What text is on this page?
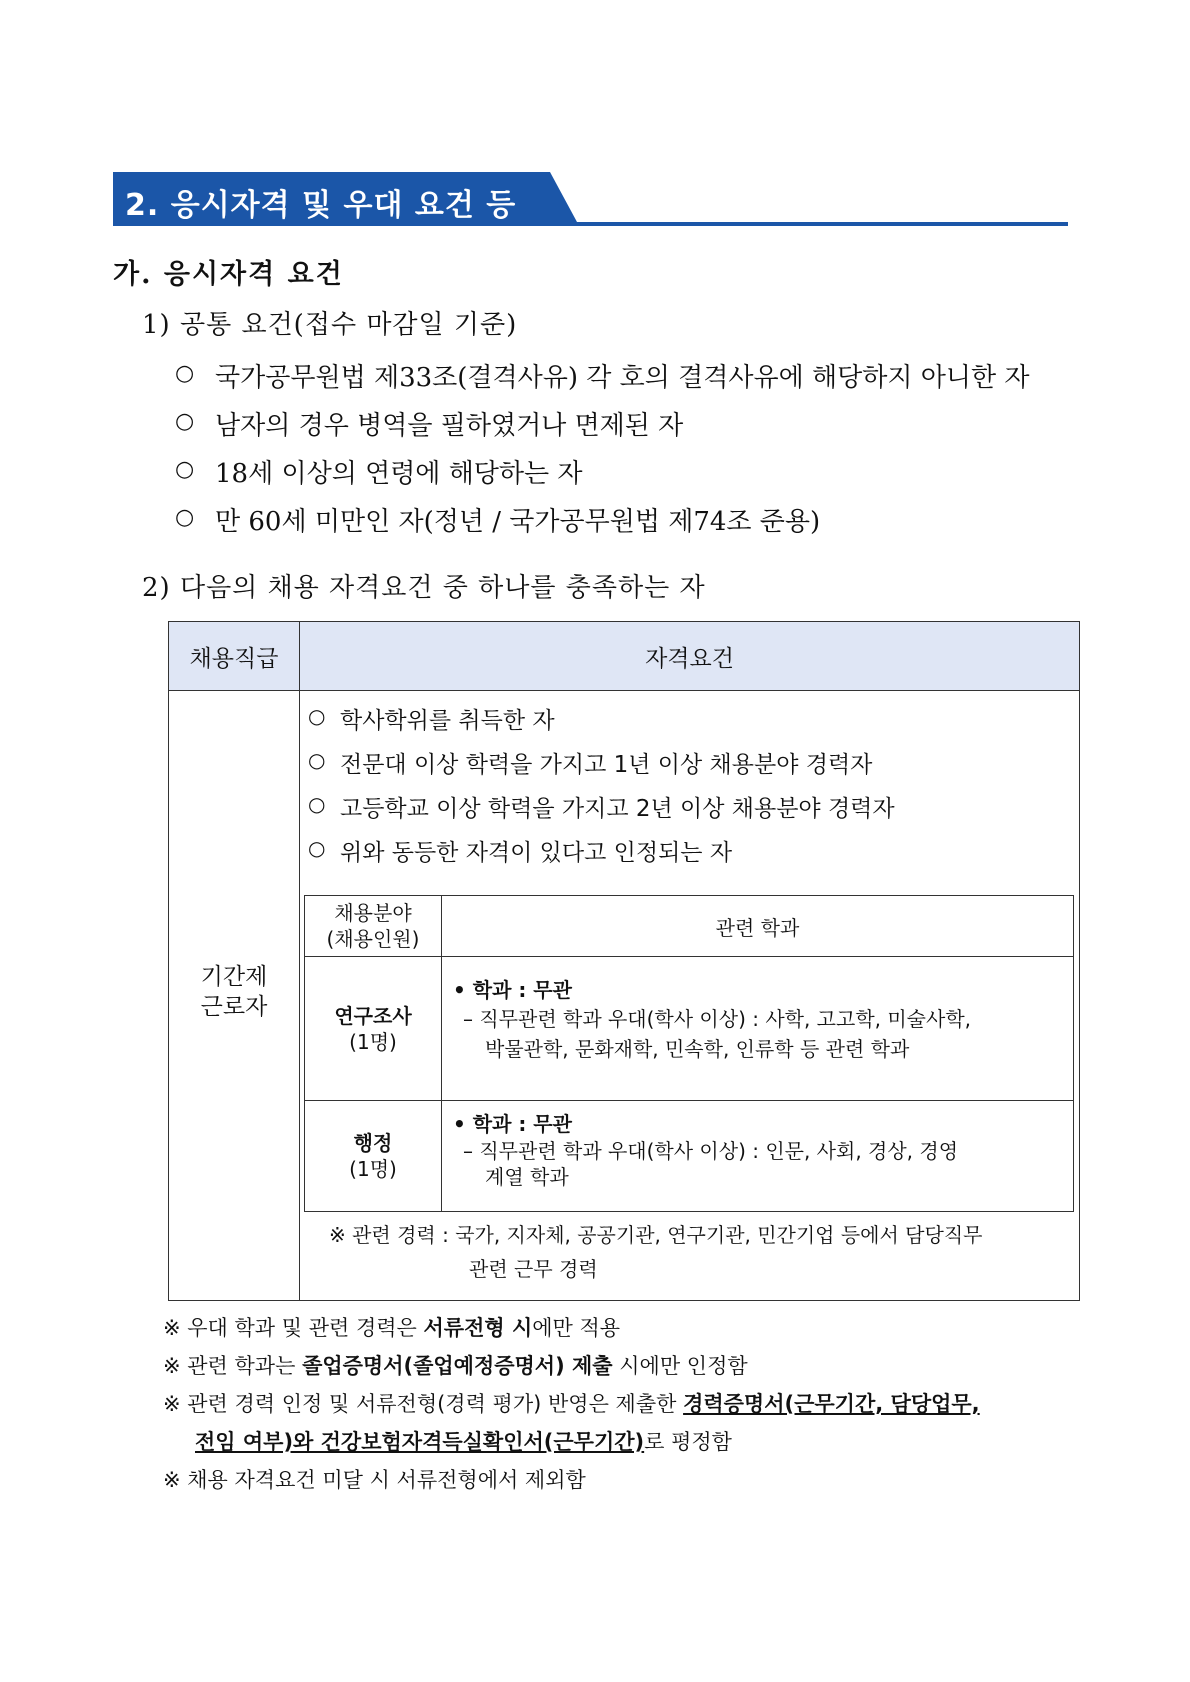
2. 응시자격 및 우대 요건 등
가. 응시자격 요건
1) 공통 요건(접수 마감일 기준)
○ 국가공무원법 제33조(결격사유) 각 호의 결격사유에 해당하지 아니한 자
○ 남자의 경우 병역을 필하였거나 면제된 자
○ 18세 이상의 연령에 해당하는 자
○ 만 60세 미만인 자(정년 / 국가공무원법 제74조 준용)
2) 다음의 채용 자격요건 중 하나를 충족하는 자
채용직급	자격요건
기간제
근로자
○ 학사학위를 취득한 자
○ 전문대 이상 학력을 가지고 1년 이상 채용분야 경력자
○ 고등학교 이상 학력을 가지고 2년 이상 채용분야 경력자
○ 위와 동등한 자격이 있다고 인정되는 자
채용분야
(채용인원)	관련 학과
연구조사
(1명)
• 학과 : 무관
– 직무관련 학과 우대(학사 이상) : 사학, 고고학, 미술사학,
박물관학, 문화재학, 민속학, 인류학 등 관련 학과
행정
(1명)
• 학과 : 무관
– 직무관련 학과 우대(학사 이상) : 인문, 사회, 경상, 경영
계열 학과
※ 관련 경력 : 국가, 지자체, 공공기관, 연구기관, 민간기업 등에서 담당직무
관련 근무 경력
※ 우대 학과 및 관련 경력은 서류전형 시에만 적용
※ 관련 학과는 졸업증명서(졸업예정증명서) 제출 시에만 인정함
※ 관련 경력 인정 및 서류전형(경력 평가) 반영은 제출한 경력증명서(근무기간, 담당업무,
전임 여부)와 건강보험자격득실확인서(근무기간)로 평정함
※ 채용 자격요건 미달 시 서류전형에서 제외함
